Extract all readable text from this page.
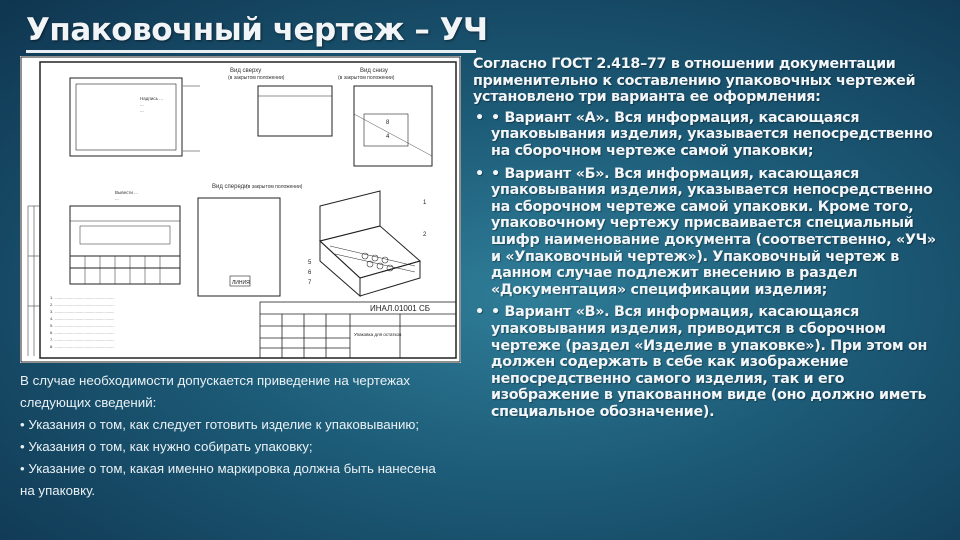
Упаковочный чертеж – УЧ
Надпись ...
...
...
Вид сверху
(в закрытом положении)
Вид снизу
(в закрытом положении)
8
4
Вывести ...
...
Вид спереди
(в закрытом положении)
ЛИНИЯ
1
2
5
6
7
1. ......................................................
2. ......................................................
3. ......................................................
4. ......................................................
5. ......................................................
6. ......................................................
7. ......................................................
8. ......................................................
ИНАЛ.01001 СБ
Упаковка для остатков

В случае необходимости допускается приведение на чертежах следующих сведений:

• Указания о том, как следует готовить изделие к упаковыванию;

• Указания о том, как нужно собирать упаковку;

• Указание о том, какая именно маркировка должна быть нанесена на упаковку.

Согласно ГОСТ 2.418–77 в отношении документации применительно к составлению упаковочных чертежей установлено три варианта ее оформления:

• • Вариант «А». Вся информация, касающаяся упаковывания изделия, указывается непосредственно на сборочном чертеже самой упаковки;
• • Вариант «Б». Вся информация, касающаяся упаковывания изделия, указывается непосредственно на сборочном чертеже самой упаковки. Кроме того, упаковочному чертежу присваивается специальный шифр наименование документа (соответственно, «УЧ» и «Упаковочный чертеж»). Упаковочный чертеж в данном случае подлежит внесению в раздел «Документация» спецификации изделия;
• • Вариант «В». Вся информация, касающаяся упаковывания изделия, приводится в сборочном чертеже (раздел «Изделие в упаковке»). При этом он должен содержать в себе как изображение непосредственно самого изделия, так и его изображение в упакованном виде (оно должно иметь специальное обозначение).
